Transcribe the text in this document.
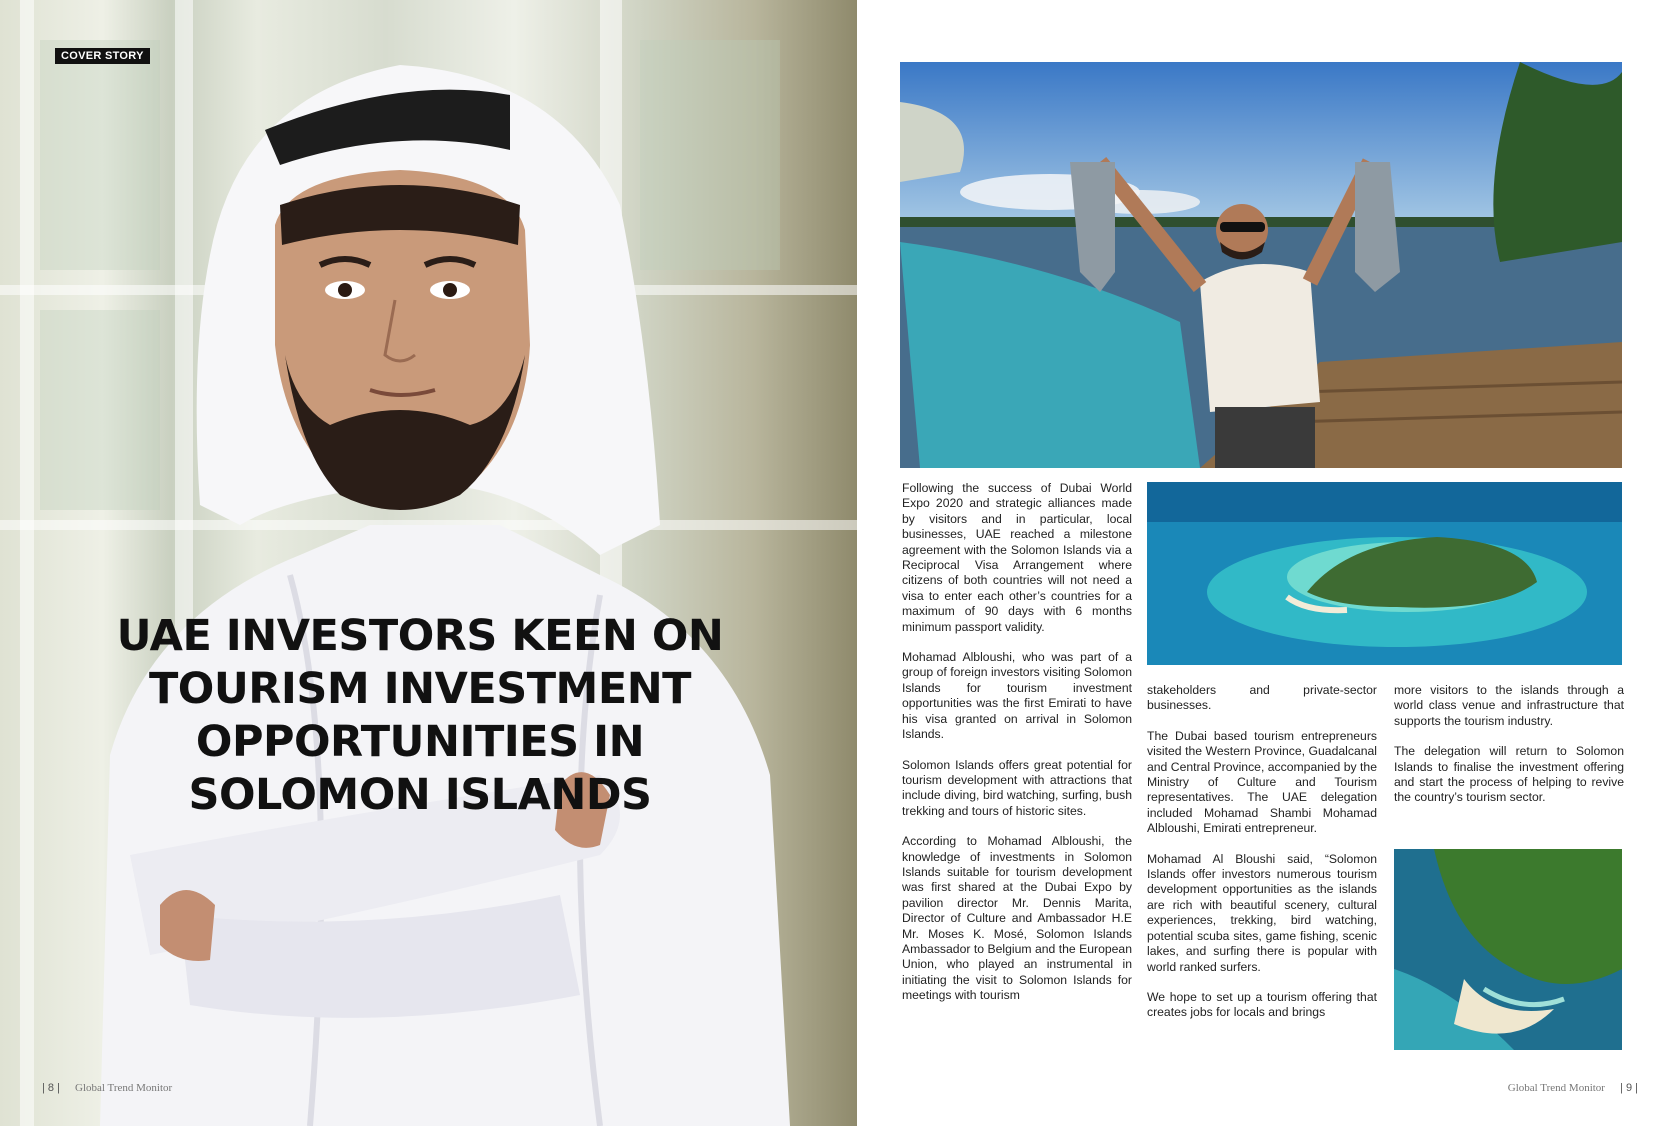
COVER STORY
UAE INVESTORS KEEN ON TOURISM INVESTMENT OPPORTUNITIES IN SOLOMON ISLANDS
| 8 | Global Trend Monitor

Following the success of Dubai World Expo 2020 and strategic alliances made by visitors and in particular, local businesses, UAE reached a milestone agreement with the Solomon Islands via a Reciprocal Visa Arrangement where citizens of both countries will not need a visa to enter each other’s countries for a maximum of 90 days with 6 months minimum passport validity.

Mohamad Albloushi, who was part of a group of foreign investors visiting Solomon Islands for tourism investment opportunities was the first Emirati to have his visa granted on arrival in Solomon Islands.

Solomon Islands offers great potential for tourism development with attractions that include diving, bird watching, surfing, bush trekking and tours of historic sites.

According to Mohamad Albloushi, the knowledge of investments in Solomon Islands suitable for tourism development was first shared at the Dubai Expo by pavilion director Mr. Dennis Marita, Director of Culture and Ambassador H.E Mr. Moses K. Mosé, Solomon Islands Ambassador to Belgium and the European Union, who played an instrumental in initiating the visit to Solomon Islands for meetings with tourism

stakeholders and private-sector businesses.

The Dubai based tourism entrepreneurs visited the Western Province, Guadalcanal and Central Province, accompanied by the Ministry of Culture and Tourism representatives. The UAE delegation included Mohamad Shambi Mohamad Albloushi, Emirati entrepreneur.

Mohamad Al Bloushi said, “Solomon Islands offer investors numerous tourism development opportunities as the islands are rich with beautiful scenery, cultural experiences, trekking, bird watching, potential scuba sites, game fishing, scenic lakes, and surfing there is popular with world ranked surfers.

We hope to set up a tourism offering that creates jobs for locals and brings

more visitors to the islands through a world class venue and infrastructure that supports the tourism industry.

The delegation will return to Solomon Islands to finalise the investment offering and start the process of helping to revive the country’s tourism sector.

Global Trend Monitor | 9 |
